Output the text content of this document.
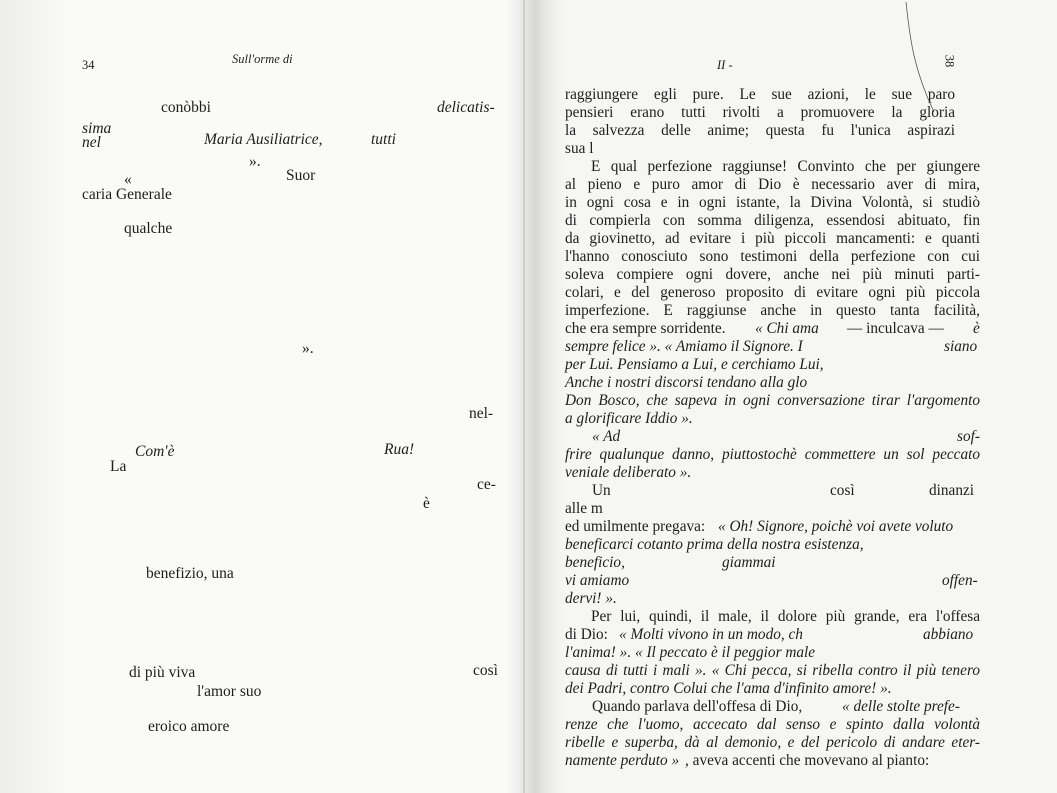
34	Sull'orme di
conòbbi	delicatis-
sima
nel	Maria Ausiliatrice,	tutti
».
«	Suor
caria Generale
qualche
».
nel-
Com'è	Rua!
La
ce-
è
benefizio, una
di più viva	così
l'amor suo
eroico amore
II -	38
raggiungere egli pure. Le sue azioni, le sue paro
pensieri erano tutti rivolti a promuovere la gloria
la salvezza delle anime; questa fu l'unica aspirazi
sua l
E qual perfezione raggiunse! Convinto che per giungere
al pieno e puro amor di Dio è necessario aver di mira,
in ogni cosa e in ogni istante, la Divina Volontà, si studiò
di compierla con somma diligenza, essendosi abituato, fin
da giovinetto, ad evitare i più piccoli mancamenti: e quanti
l'hanno conosciuto sono testimoni della perfezione con cui
soleva compiere ogni dovere, anche nei più minuti parti-
colari, e del generoso proposito di evitare ogni più piccola
imperfezione. E raggiunse anche in questo tanta facilità,
che era sempre sorridente. « Chi ama — inculcava — è
sempre felice ». « Amiamo il Signore. I	siano
per Lui. Pensiamo a Lui, e cerchiamo Lui,
Anche i nostri discorsi tendano alla glo
Don Bosco, che sapeva in ogni conversazione tirar l'argomento
a glorificare Iddio ».
« Ad	sof-
frire qualunque danno, piuttostochè commettere un sol peccato
veniale deliberato ».
Un	così	dinanzi
alle m
ed umilmente pregava: « Oh! Signore, poichè voi avete voluto
beneficarci cotanto prima della nostra esistenza,
beneficio,	giammai
vi amiamo	offen-
dervi! ».
Per lui, quindi, il male, il dolore più grande, era l'offesa
di Dio: « Molti vivono in un modo, ch	abbiano
l'anima! ». « Il peccato è il peggior male
causa di tutti i mali ». « Chi pecca, si ribella contro il più tenero
dei Padri, contro Colui che l'ama d'infinito amore! ».
Quando parlava dell'offesa di Dio,	« delle stolte prefe-
renze che l'uomo, accecato dal senso e spinto dalla volontà
ribelle e superba, dà al demonio, e del pericolo di andare eter-
namente perduto » , aveva accenti che movevano al pianto:
